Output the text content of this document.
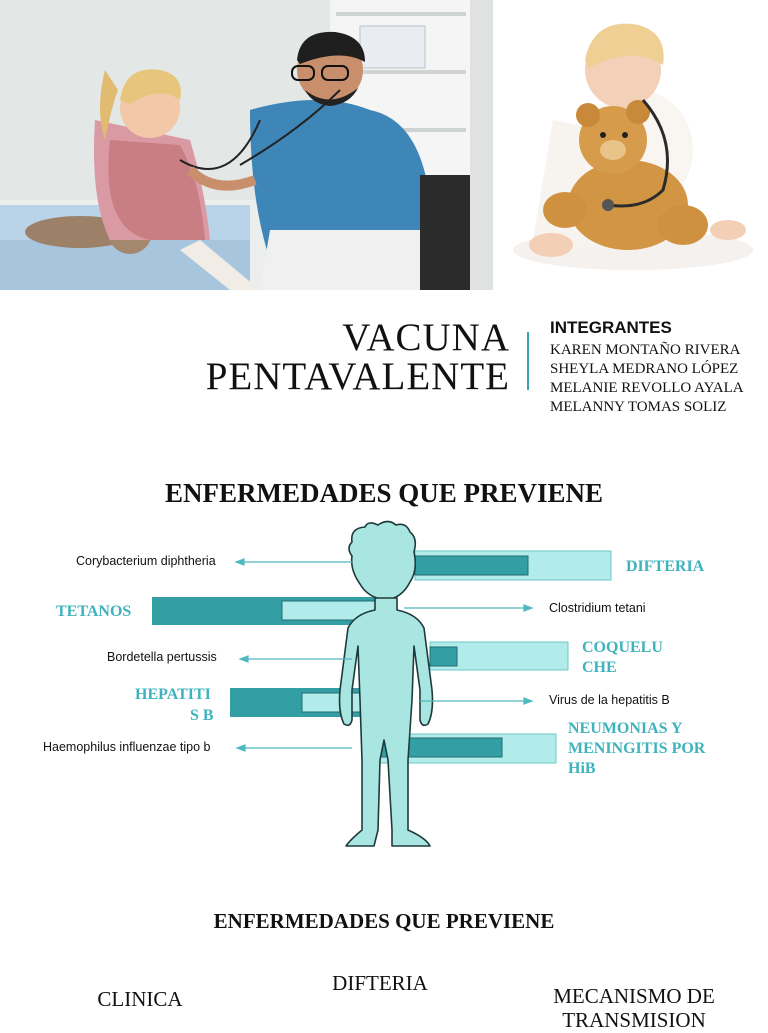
VACUNA
PENTAVALENTE
INTEGRANTES
KAREN MONTAÑO RIVERA
SHEYLA MEDRANO LÓPEZ
MELANIE REVOLLO AYALA
MELANNY TOMAS SOLIZ
ENFERMEDADES QUE PREVIENE
DIFTERIA
TETANOS
COQUELU
CHE
HEPATITI
S B
NEUMONIAS Y
MENINGITIS POR
HiB
Corybacterium diphtheria
Clostridium tetani
Bordetella pertussis
Virus de la hepatitis B
Haemophilus influenzae tipo b
ENFERMEDADES QUE PREVIENE
DIFTERIA
CLINICA	MECANISMO DE
TRANSMISION
